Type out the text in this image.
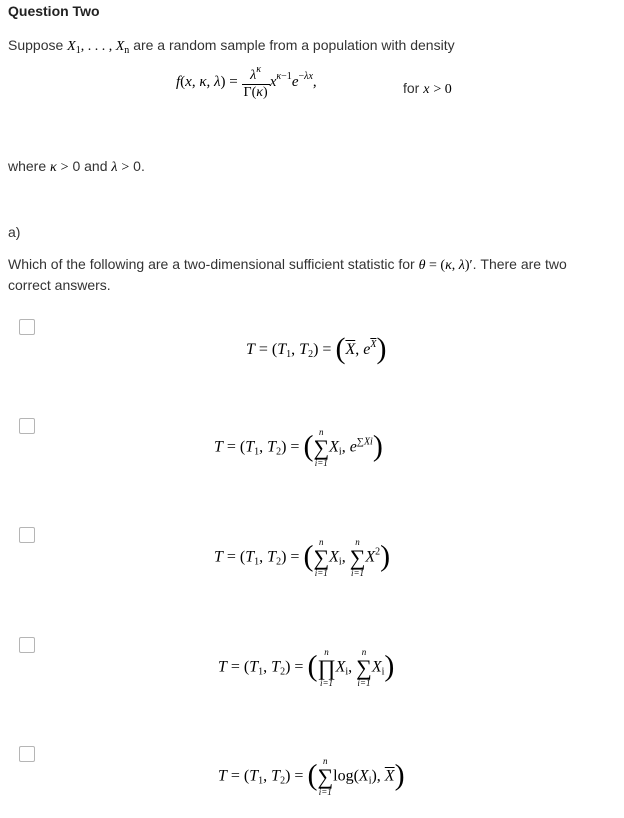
Question Two
Suppose $X_1$, . . . , $X_n$ are a random sample from a population with density
f(x, κ, $\lambda) = \frac{\lambda^\kappa}{\Gamma(\kappa)} x^{\kappa-1}e^{-\lambda x}$,	for x > 0
where κ > 0 and λ > 0.
a)
Which of the following are a two-dimensional sufficient statistic for θ = (κ, λ)′. There are two
correct answers.
$T = (T_1$, $T_2) = (\overline{X}$, $e^{\overline{X}}$)
$T = (T_1$, $T_2$) = ( n
∑
i=1
$X_i$, $e^{\sum Xi}$)
$T = (T_1$, $T_2$) = ( n
∑
i=1
$X_i$,
n
∑
i=1
$X^2$)
$T = (T_1$, $T_2$) = ( n
∏
i=1
$X_i$,
n
∑
i=1
$X_i$)
$T = (T_1$, $T_2$) = ( n
∑
i=1
$\log(X_i)$, $\overline{X}$)
